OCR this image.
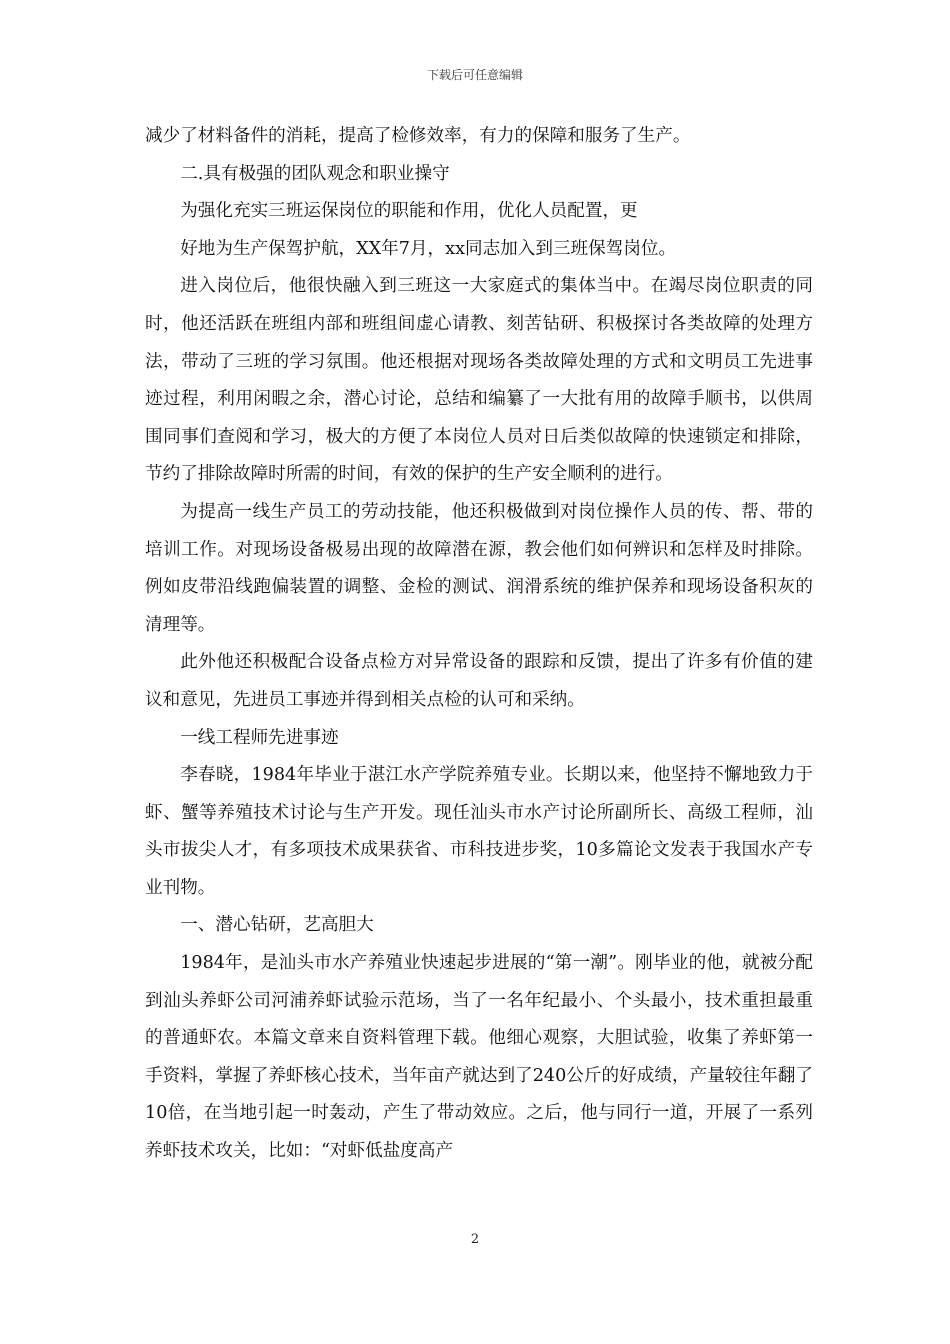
下载后可任意编辑

减少了材料备件的消耗，提高了检修效率，有力的保障和服务了生产。

二.具有极强的团队观念和职业操守

为强化充实三班运保岗位的职能和作用，优化人员配置，更

好地为生产保驾护航，XX年7月，xx同志加入到三班保驾岗位。

进入岗位后，他很快融入到三班这一大家庭式的集体当中。在竭尽岗位职责的同时，他还活跃在班组内部和班组间虚心请教、刻苦钻研、积极探讨各类故障的处理方法，带动了三班的学习氛围。他还根据对现场各类故障处理的方式和文明员工先进事迹过程，利用闲暇之余，潜心讨论，总结和编纂了一大批有用的故障手顺书，以供周围同事们查阅和学习，极大的方便了本岗位人员对日后类似故障的快速锁定和排除，节约了排除故障时所需的时间，有效的保护的生产安全顺利的进行。

为提高一线生产员工的劳动技能，他还积极做到对岗位操作人员的传、帮、带的培训工作。对现场设备极易出现的故障潜在源，教会他们如何辨识和怎样及时排除。例如皮带沿线跑偏装置的调整、金检的测试、润滑系统的维护保养和现场设备积灰的清理等。

此外他还积极配合设备点检方对异常设备的跟踪和反馈，提出了许多有价值的建议和意见，先进员工事迹并得到相关点检的认可和采纳。

一线工程师先进事迹

李春晓，1984年毕业于湛江水产学院养殖专业。长期以来，他坚持不懈地致力于虾、蟹等养殖技术讨论与生产开发。现任汕头市水产讨论所副所长、高级工程师，汕头市拔尖人才，有多项技术成果获省、市科技进步奖，10多篇论文发表于我国水产专业刊物。

一、潜心钻研，艺高胆大

1984年，是汕头市水产养殖业快速起步进展的“第一潮”。刚毕业的他，就被分配到汕头养虾公司河浦养虾试验示范场，当了一名年纪最小、个头最小，技术重担最重的普通虾农。本篇文章来自资料管理下载。他细心观察，大胆试验，收集了养虾第一手资料，掌握了养虾核心技术，当年亩产就达到了240公斤的好成绩，产量较往年翻了10倍，在当地引起一时轰动，产生了带动效应。之后，他与同行一道，开展了一系列养虾技术攻关，比如：“对虾低盐度高产

2
